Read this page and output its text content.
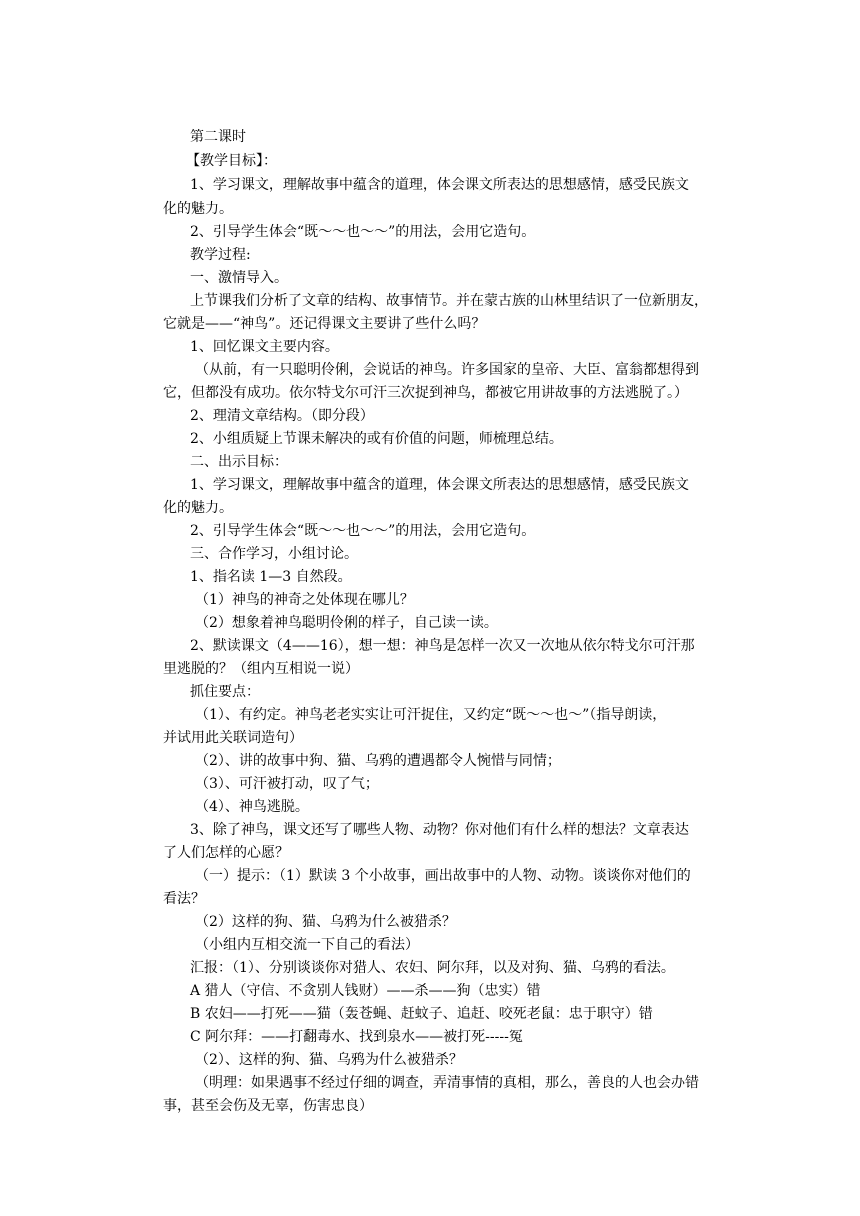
第二课时
【教学目标】：
1、学习课文，理解故事中蕴含的道理，体会课文所表达的思想感情，感受民族文
化的魅力。
2、引导学生体会“既～～也～～”的用法，会用它造句。
教学过程:
一、激情导入。
上节课我们分析了文章的结构、故事情节。并在蒙古族的山林里结识了一位新朋友，
它就是——“神鸟”。还记得课文主要讲了些什么吗？
1、回忆课文主要内容。
（从前，有一只聪明伶俐，会说话的神鸟。许多国家的皇帝、大臣、富翁都想得到
它，但都没有成功。依尔特戈尔可汗三次捉到神鸟，都被它用讲故事的方法逃脱了。）
2、理清文章结构。（即分段）
2、小组质疑上节课未解决的或有价值的问题，师梳理总结。
二、出示目标：
1、学习课文，理解故事中蕴含的道理，体会课文所表达的思想感情，感受民族文
化的魅力。
2、引导学生体会“既～～也～～”的用法，会用它造句。
三、合作学习，小组讨论。
1、指名读 1—3 自然段。
（1）神鸟的神奇之处体现在哪儿？
（2）想象着神鸟聪明伶俐的样子，自己读一读。
2、默读课文（4——16），想一想：神鸟是怎样一次又一次地从依尔特戈尔可汗那
里逃脱的？（组内互相说一说）
抓住要点：
（1）、有约定。神鸟老老实实让可汗捉住，又约定“既～～也～”（指导朗读，
并试用此关联词造句）
（2）、讲的故事中狗、猫、乌鸦的遭遇都令人惋惜与同情；
（3）、可汗被打动，叹了气；
（4）、神鸟逃脱。
3、除了神鸟，课文还写了哪些人物、动物？你对他们有什么样的想法？文章表达
了人们怎样的心愿？
（一）提示：（1）默读 3 个小故事，画出故事中的人物、动物。谈谈你对他们的
看法？
（2）这样的狗、猫、乌鸦为什么被猎杀？
（小组内互相交流一下自己的看法）
汇报：（1）、分别谈谈你对猎人、农妇、阿尔拜，以及对狗、猫、乌鸦的看法。
A 猎人（守信、不贪别人钱财）——杀——狗（忠实）错
B 农妇——打死——猫（轰苍蝇、赶蚊子、追赶、咬死老鼠：忠于职守）错
C 阿尔拜：——打翻毒水、找到泉水——被打死-----冤
（2）、这样的狗、猫、乌鸦为什么被猎杀？
（明理：如果遇事不经过仔细的调查，弄清事情的真相，那么，善良的人也会办错
事，甚至会伤及无辜，伤害忠良）
